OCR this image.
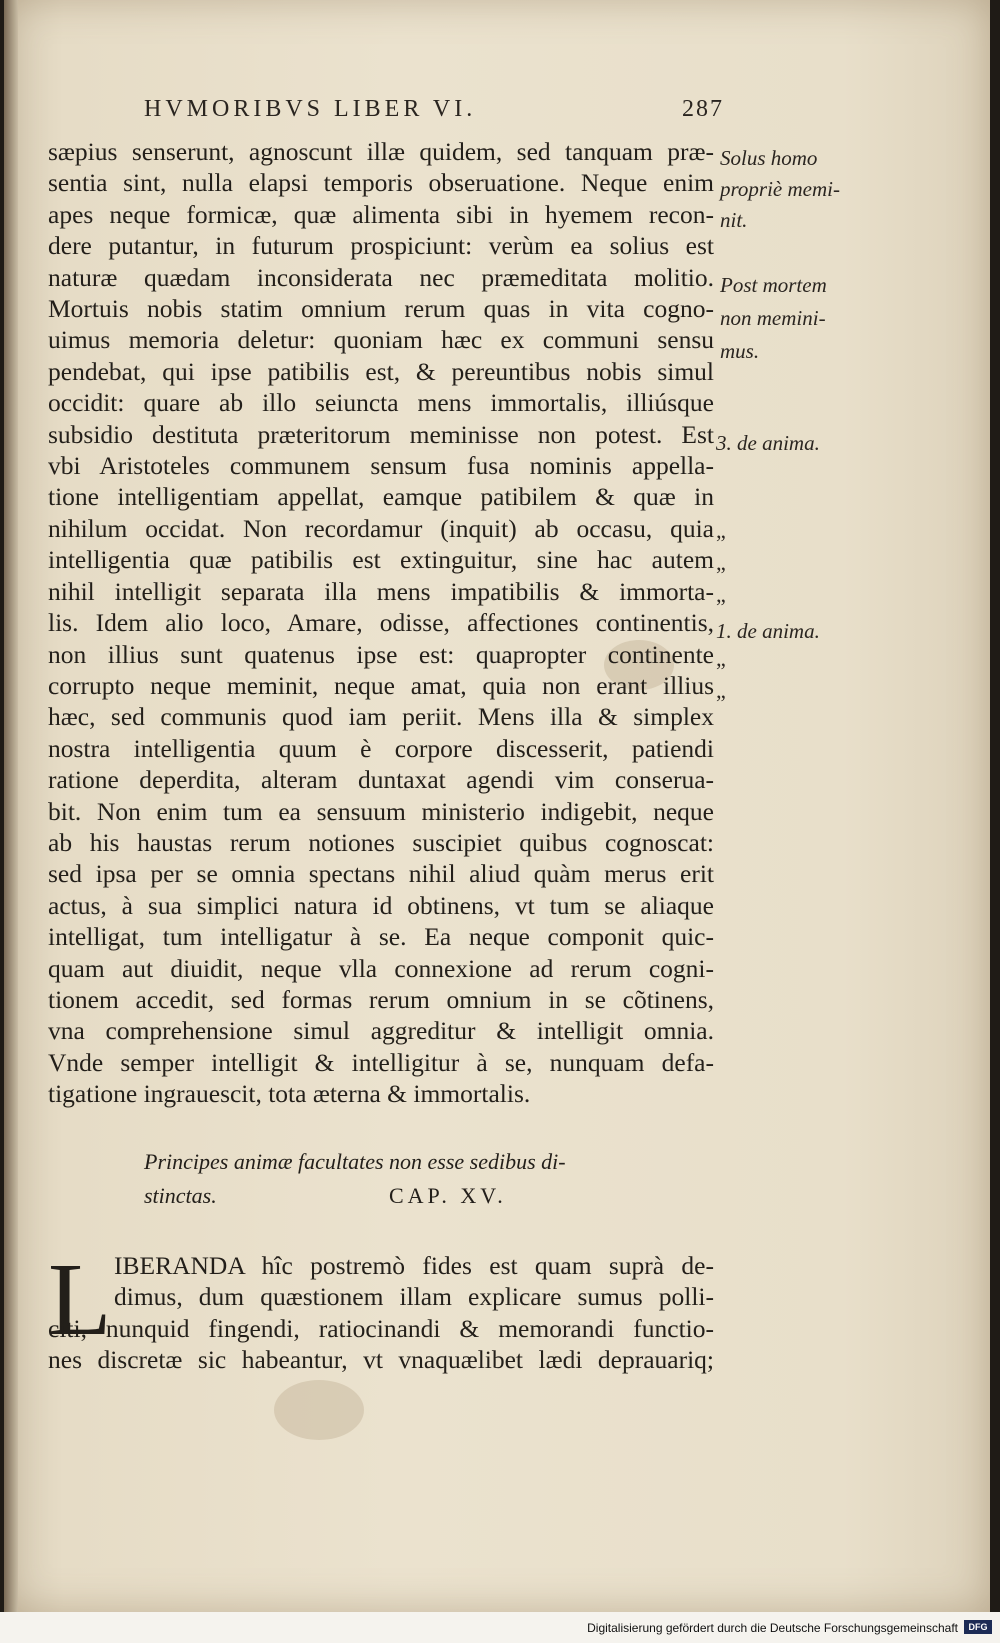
HVMORIBVS LIBER VI.	287
sæpius senserunt, agnoscunt illæ quidem, sed tanquam præ-
sentia sint, nulla elapsi temporis obseruatione. Neque enim
apes neque formicæ, quæ alimenta sibi in hyemem recon-
dere putantur, in futurum prospiciunt: verùm ea solius est
naturæ quædam inconsiderata nec præmeditata molitio.
Mortuis nobis statim omnium rerum quas in vita cogno-
uimus memoria deletur: quoniam hæc ex communi sensu
pendebat, qui ipse patibilis est, & pereuntibus nobis simul
occidit: quare ab illo seiuncta mens immortalis, illiúsque
subsidio destituta præteritorum meminisse non potest. Est
vbi Aristoteles communem sensum fusa nominis appella-
tione intelligentiam appellat, eamque patibilem & quæ in
nihilum occidat. Non recordamur (inquit) ab occasu, quia
intelligentia quæ patibilis est extinguitur, sine hac autem
nihil intelligit separata illa mens impatibilis & immorta-
lis. Idem alio loco, Amare, odisse, affectiones continentis,
non illius sunt quatenus ipse est: quapropter continente
corrupto neque meminit, neque amat, quia non erant illius
hæc, sed communis quod iam periit. Mens illa & simplex
nostra intelligentia quum è corpore discesserit, patiendi
ratione deperdita, alteram duntaxat agendi vim conserua-
bit. Non enim tum ea sensuum ministerio indigebit, neque
ab his haustas rerum notiones suscipiet quibus cognoscat:
sed ipsa per se omnia spectans nihil aliud quàm merus erit
actus, à sua simplici natura id obtinens, vt tum se aliaque
intelligat, tum intelligatur à se. Ea neque componit quic-
quam aut diuidit, neque vlla connexione ad rerum cogni-
tionem accedit, sed formas rerum omnium in se cõtinens,
vna comprehensione simul aggreditur & intelligit omnia.
Vnde semper intelligit & intelligitur à se, nunquam defa-
tigatione ingrauescit, tota æterna & immortalis.
Solus homo
propriè memi-
nit.
Post mortem
non memini-
mus.
3. de anima.
1. de anima.
”
”
”
”
”
Principes animæ facultates non esse sedibus di-
stinctas.	CAP. XV.
L IBERANDA hîc postremò fides est quam suprà de-
dimus, dum quæstionem illam explicare sumus polli-
citi, nunquid fingendi, ratiocinandi & memorandi functio-
nes discretæ sic habeantur, vt vnaquælibet lædi deprauariq;
Digitalisierung gefördert durch die Deutsche Forschungsgemeinschaft	DFG
